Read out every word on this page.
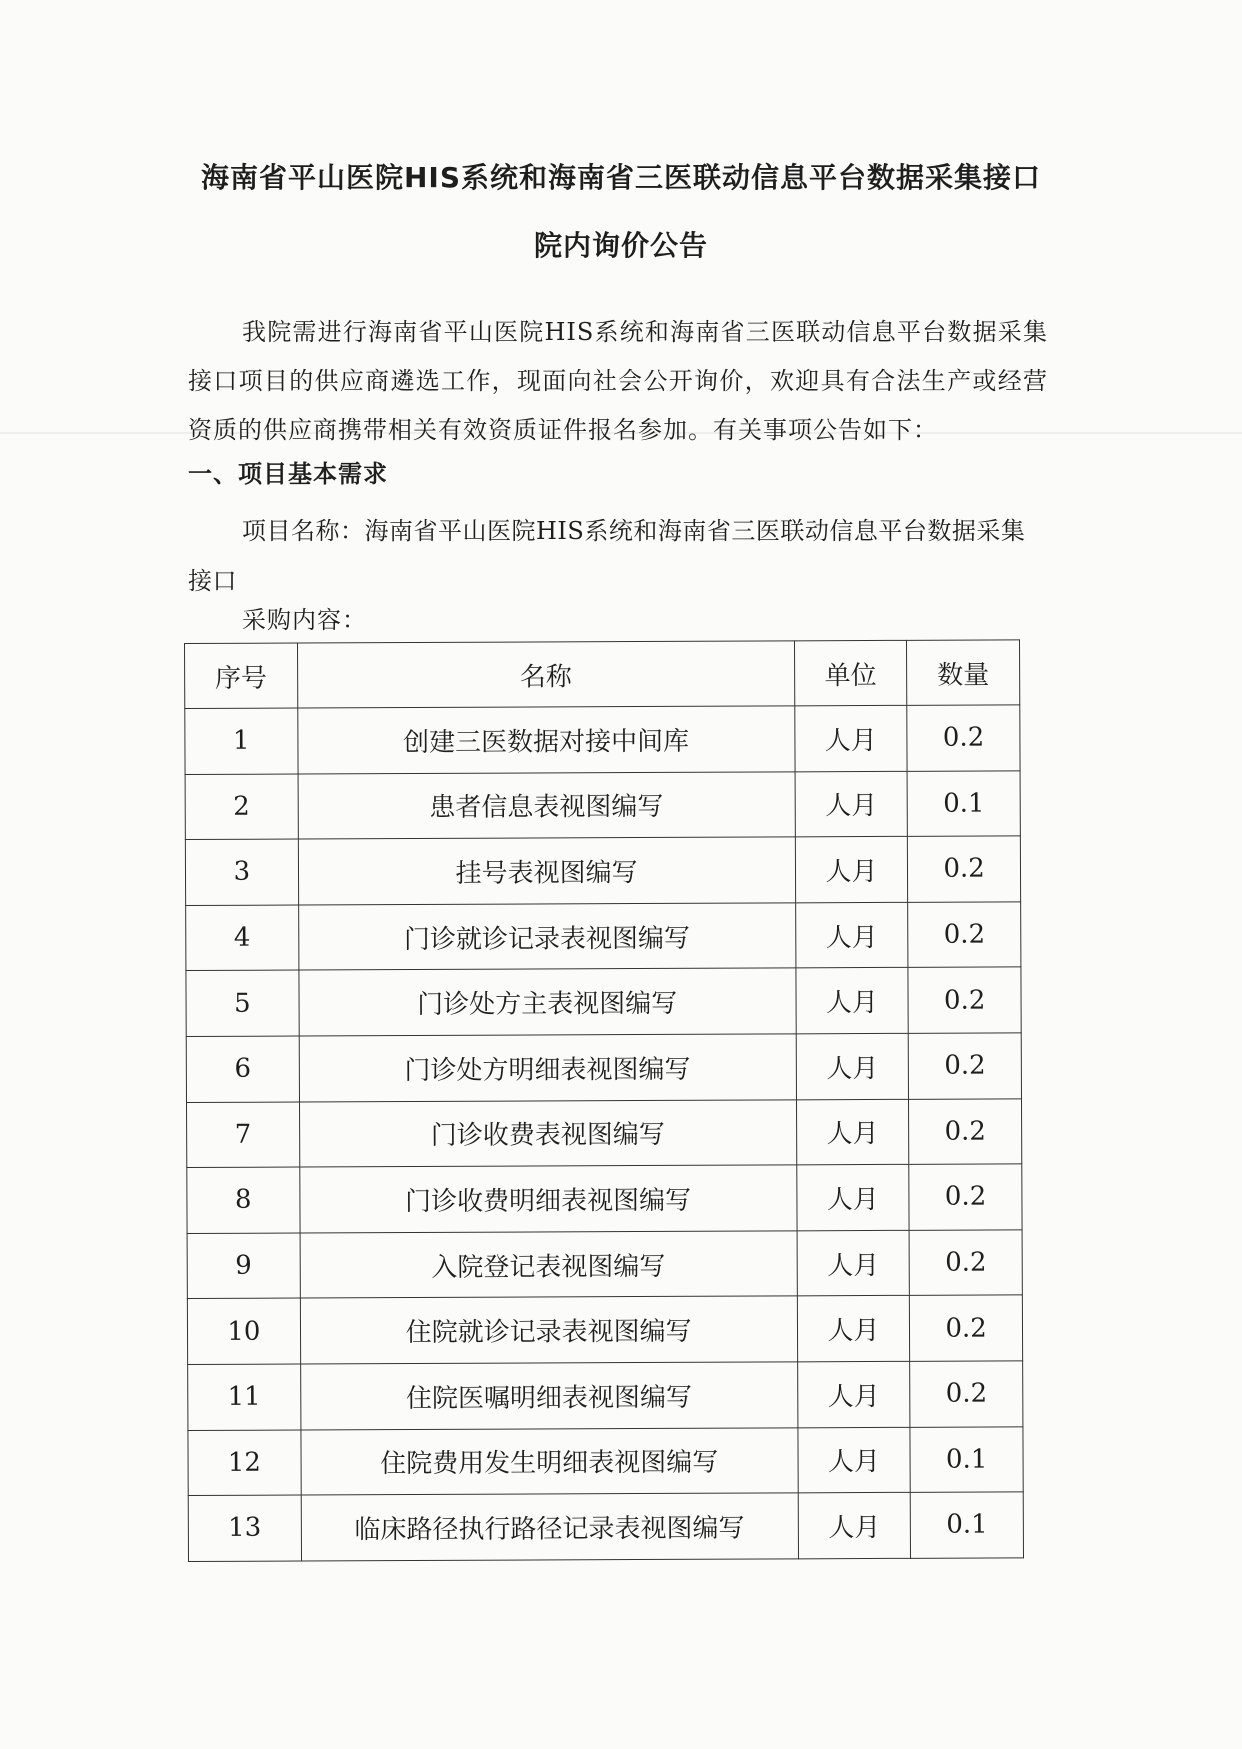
海南省平山医院HIS系统和海南省三医联动信息平台数据采集接口
院内询价公告
我院需进行海南省平山医院HIS系统和海南省三医联动信息平台数据采集接口项目的供应商遴选工作，现面向社会公开询价，欢迎具有合法生产或经营资质的供应商携带相关有效资质证件报名参加。有关事项公告如下：
一、项目基本需求
项目名称：海南省平山医院HIS系统和海南省三医联动信息平台数据采集接口
采购内容：
序号	名称	单位	数量
1	创建三医数据对接中间库	人月	0.2
2	患者信息表视图编写	人月	0.1
3	挂号表视图编写	人月	0.2
4	门诊就诊记录表视图编写	人月	0.2
5	门诊处方主表视图编写	人月	0.2
6	门诊处方明细表视图编写	人月	0.2
7	门诊收费表视图编写	人月	0.2
8	门诊收费明细表视图编写	人月	0.2
9	入院登记表视图编写	人月	0.2
10	住院就诊记录表视图编写	人月	0.2
11	住院医嘱明细表视图编写	人月	0.2
12	住院费用发生明细表视图编写	人月	0.1
13	临床路径执行路径记录表视图编写	人月	0.1
